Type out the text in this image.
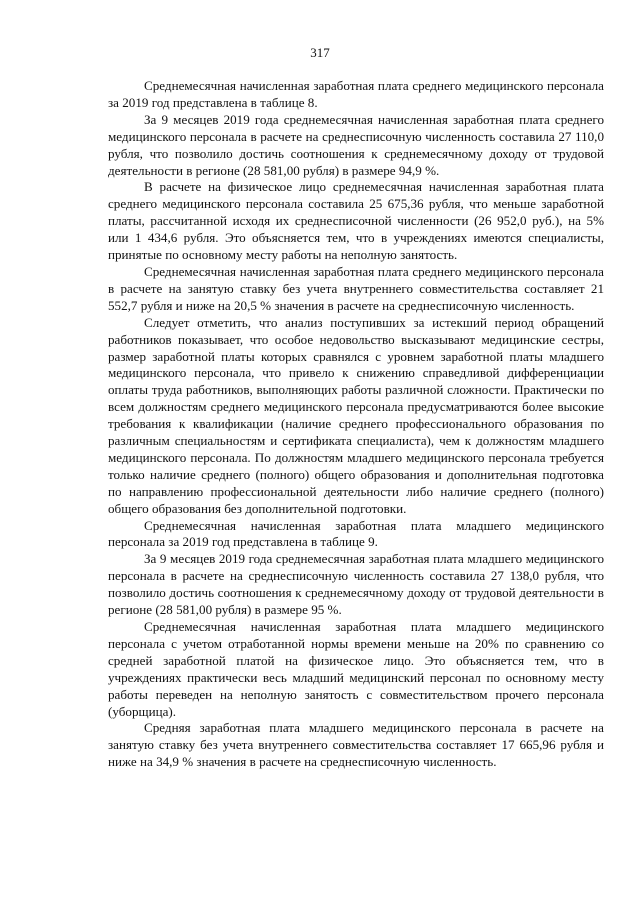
317

Среднемесячная начисленная заработная плата среднего медицинского персонала за 2019 год представлена в таблице 8.

За 9 месяцев 2019 года среднемесячная начисленная заработная плата среднего медицинского персонала в расчете на среднесписочную численность составила 27 110,0 рубля, что позволило достичь соотношения к среднемесячному доходу от трудовой деятельности в регионе (28 581,00 рубля) в размере 94,9 %.

В расчете на физическое лицо среднемесячная начисленная заработная плата среднего медицинского персонала составила 25 675,36 рубля, что меньше заработной платы, рассчитанной исходя их среднеспиcочной численности (26 952,0 руб.), на 5% или 1 434,6 рубля. Это объясняется тем, что в учреждениях имеются специалисты, принятые по основному месту работы на неполную занятость.

Среднемесячная начисленная заработная плата среднего медицинского персонала в расчете на занятую ставку без учета внутреннего совместительства составляет 21 552,7 рубля и ниже на 20,5 % значения в расчете на среднесписочную численность.

Следует отметить, что анализ поступивших за истекший период обращений работников показывает, что особое недовольство высказывают медицинские сестры, размер заработной платы которых сравнялся с уровнем заработной платы младшего медицинского персонала, что привело к снижению справедливой дифференциации оплаты труда работников, выполняющих работы различной сложности. Практически по всем должностям среднего медицинского персонала предусматриваются более высокие требования к квалификации (наличие среднего профессионального образования по различным специальностям и сертификата специалиста), чем к должностям младшего медицинского персонала. По должностям младшего медицинского персонала требуется только наличие среднего (полного) общего образования и дополнительная подготовка по направлению профессиональной деятельности либо наличие среднего (полного) общего образования без дополнительной подготовки.

Среднемесячная начисленная заработная плата младшего медицинского персонала за 2019 год представлена в таблице 9.

За 9 месяцев 2019 года среднемесячная заработная плата младшего медицинского персонала в расчете на среднесписочную численность составила 27 138,0 рубля, что позволило достичь соотношения к среднемесячному доходу от трудовой деятельности в регионе (28 581,00 рубля) в размере 95 %.

Среднемесячная начисленная заработная плата младшего медицинского персонала с учетом отработанной нормы времени меньше на 20% по сравнению со средней заработной платой на физическое лицо. Это объясняется тем, что в учреждениях практически весь младший медицинский персонал по основному месту работы переведен на неполную занятость с совместительством прочего персонала (уборщица).

Средняя заработная плата младшего медицинского персонала в расчете на занятую ставку без учета внутреннего совместительства составляет 17 665,96 рубля и ниже на 34,9 % значения в расчете на среднесписочную численность.
